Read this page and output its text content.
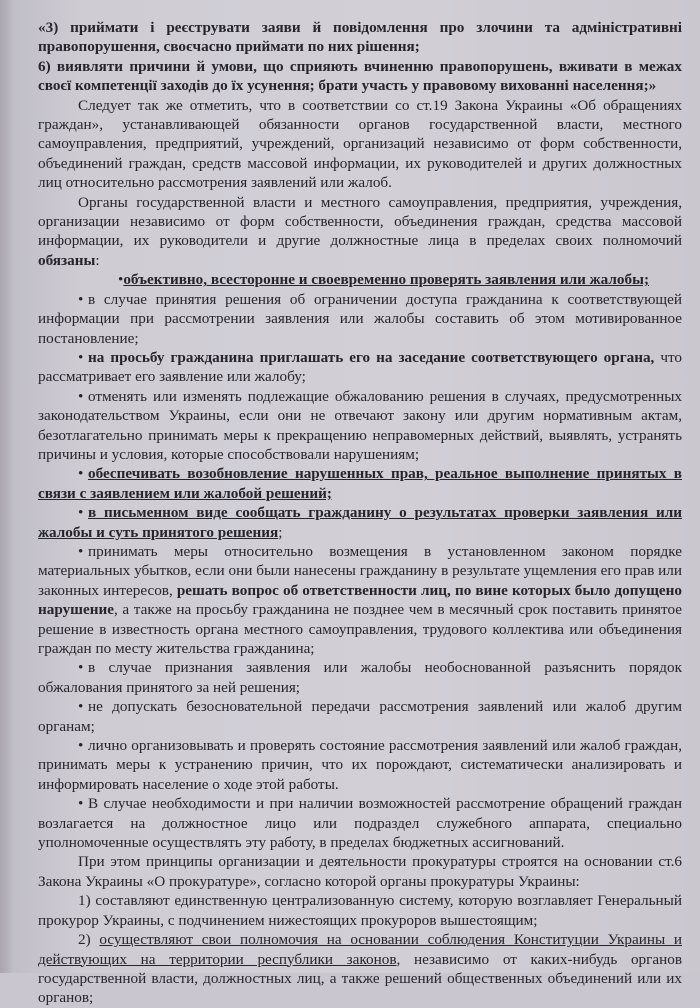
«3) приймати і реєструвати заяви й повідомлення про злочини та адміністративні правопорушення, своєчасно приймати по них рішення;

6) виявляти причини й умови, що сприяють вчиненню правопорушень, вживати в межах своєї компетенції заходів до їх усунення; брати участь у правовому вихованні населення;»

Следует так же отметить, что в соответствии со ст.19 Закона Украины «Об обращениях граждан», устанавливающей обязанности органов государственной власти, местного самоуправления, предприятий, учреждений, организаций независимо от форм собственности, объединений граждан, средств массовой информации, их руководителей и других должностных лиц относительно рассмотрения заявлений или жалоб.

Органы государственной власти и местного самоуправления, предприятия, учреждения, организации независимо от форм собственности, объединения граждан, средства массовой информации, их руководители и другие должностные лица в пределах своих полномочий обязаны:

•объективно, всесторонне и своевременно проверять заявления или жалобы;

• в случае принятия решения об ограничении доступа гражданина к соответствующей информации при рассмотрении заявления или жалобы составить об этом мотивированное постановление;

• на просьбу гражданина приглашать его на заседание соответствующего органа, что рассматривает его заявление или жалобу;

• отменять или изменять подлежащие обжалованию решения в случаях, предусмотренных законодательством Украины, если они не отвечают закону или другим нормативным актам, безотлагательно принимать меры к прекращению неправомерных действий, выявлять, устранять причины и условия, которые способствовали нарушениям;

• обеспечивать возобновление нарушенных прав, реальное выполнение принятых в связи с заявлением или жалобой решений;

• в письменном виде сообщать гражданину о результатах проверки заявления или жалобы и суть принятого решения;

• принимать меры относительно возмещения в установленном законом порядке материальных убытков, если они были нанесены гражданину в результате ущемления его прав или законных интересов, решать вопрос об ответственности лиц, по вине которых было допущено нарушение, а также на просьбу гражданина не позднее чем в месячный срок поставить принятое решение в известность органа местного самоуправления, трудового коллектива или объединения граждан по месту жительства гражданина;

• в случае признания заявления или жалобы необоснованной разъяснить порядок обжалования принятого за ней решения;

• не допускать безосновательной передачи рассмотрения заявлений или жалоб другим органам;

• лично организовывать и проверять состояние рассмотрения заявлений или жалоб граждан, принимать меры к устранению причин, что их порождают, систематически анализировать и информировать население о ходе этой работы.

• В случае необходимости и при наличии возможностей рассмотрение обращений граждан возлагается на должностное лицо или подраздел служебного аппарата, специально уполномоченные осуществлять эту работу, в пределах бюджетных ассигнований.

При этом принципы организации и деятельности прокуратуры строятся на основании ст.6 Закона Украины «О прокуратуре», согласно которой органы прокуратуры Украины:

1) составляют единственную централизованную систему, которую возглавляет Генеральный прокурор Украины, с подчинением нижестоящих прокуроров вышестоящим;

2) осуществляют свои полномочия на основании соблюдения Конституции Украины и действующих на территории республики законов, независимо от каких-нибудь органов государственной власти, должностных лиц, а также решений общественных объединений или их органов;
